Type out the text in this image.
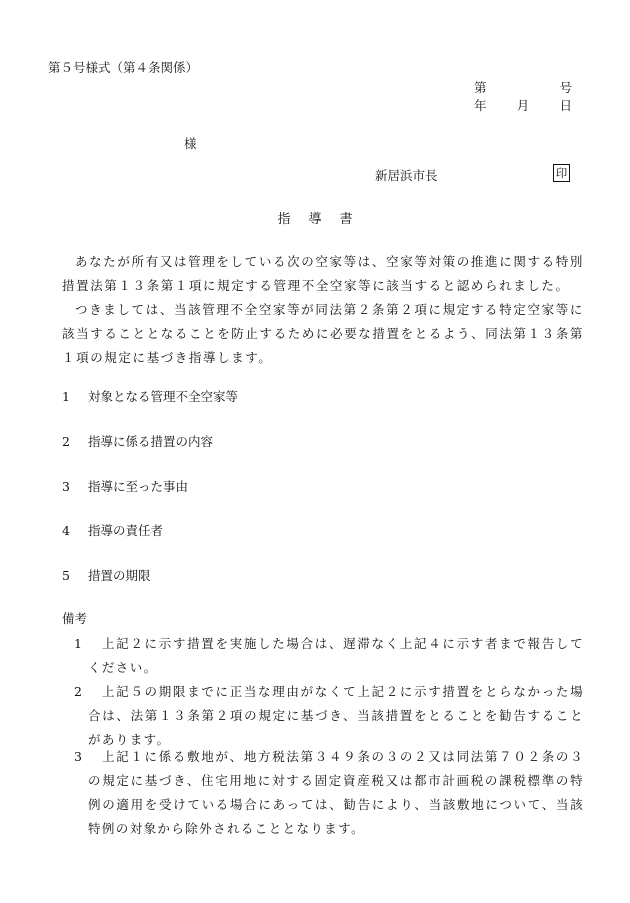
第５号様式（第４条関係）
第	号
年 月 日
様
新居浜市長	印
指導書
あなたが所有又は管理をしている次の空家等は、空家等対策の推進に関する特別措置法第１３条第１項に規定する管理不全空家等に該当すると認められました。
つきましては、当該管理不全空家等が同法第２条第２項に規定する特定空家等に該当することとなることを防止するために必要な措置をとるよう、同法第１３条第１項の規定に基づき指導します。
1 対象となる管理不全空家等
2 指導に係る措置の内容
3 指導に至った事由
4 指導の責任者
5 措置の期限
備考
1	上記２に示す措置を実施した場合は、遅滞なく上記４に示す者まで報告してください。
2	上記５の期限までに正当な理由がなくて上記２に示す措置をとらなかった場合は、法第１３条第２項の規定に基づき、当該措置をとることを勧告することがあります。
3	上記１に係る敷地が、地方税法第３４９条の３の２又は同法第７０２条の３の規定に基づき、住宅用地に対する固定資産税又は都市計画税の課税標準の特例の適用を受けている場合にあっては、勧告により、当該敷地について、当該特例の対象から除外されることとなります。
